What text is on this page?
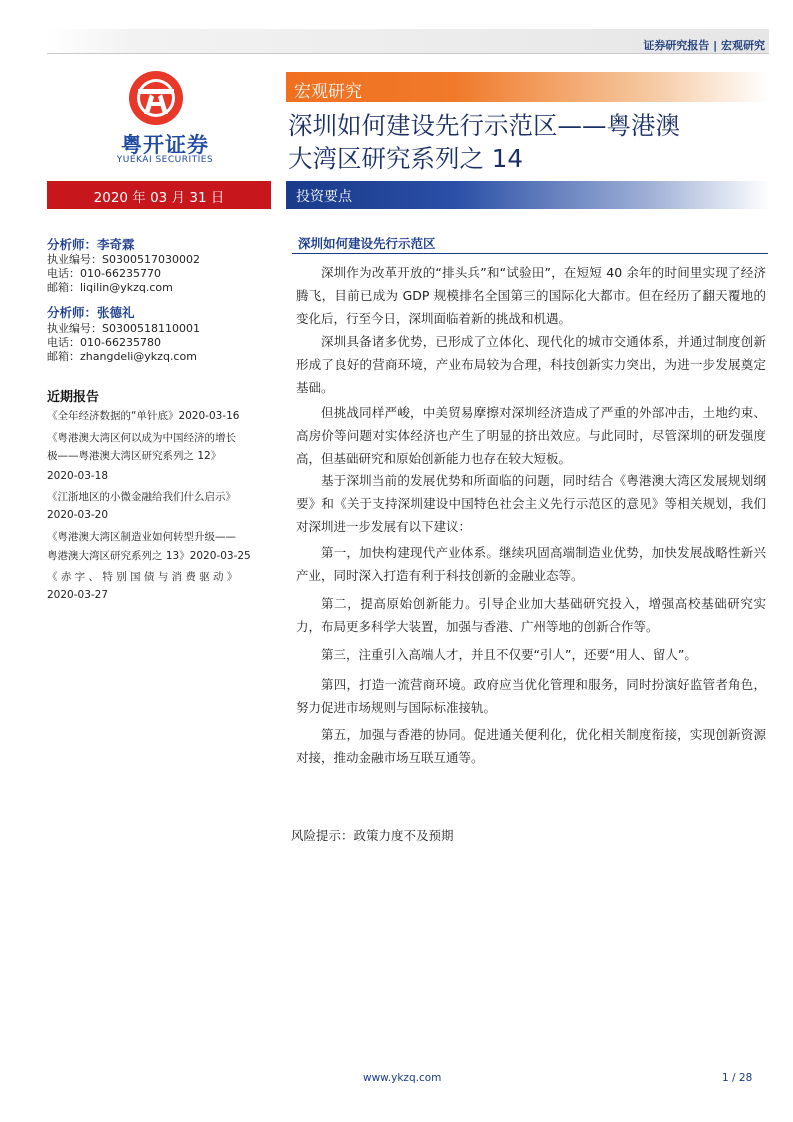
证券研究报告 | 宏观研究
粤开证券
YUEKAI SECURITIES
宏观研究
深圳如何建设先行示范区——粤港澳
大湾区研究系列之 14
2020 年 03 月 31 日	投资要点
分析师：李奇霖
执业编号：S0300517030002
电话：010-66235770
邮箱：liqilin@ykzq.com
分析师：张德礼
执业编号：S0300518110001
电话：010-66235780
邮箱：zhangdeli@ykzq.com
近期报告
《全年经济数据的“单针底》2020-03-16
《粤港澳大湾区何以成为中国经济的增长
极——粤港澳大湾区研究系列之 12》
2020-03-18
《江浙地区的小微金融给我们什么启示》
2020-03-20
《粤港澳大湾区制造业如何转型升级——
粤港澳大湾区研究系列之 13》2020-03-25
《 赤 字 、 特 别 国 债 与 消 费 驱 动 》
2020-03-27
深圳如何建设先行示范区
深圳作为改革开放的“排头兵”和“试验田”，在短短 40 余年的时间里实现了经济腾飞，目前已成为 GDP 规模排名全国第三的国际化大都市。但在经历了翻天覆地的变化后，行至今日，深圳面临着新的挑战和机遇。
深圳具备诸多优势，已形成了立体化、现代化的城市交通体系，并通过制度创新形成了良好的营商环境，产业布局较为合理，科技创新实力突出，为进一步发展奠定基础。
但挑战同样严峻，中美贸易摩擦对深圳经济造成了严重的外部冲击，土地约束、高房价等问题对实体经济也产生了明显的挤出效应。与此同时，尽管深圳的研发强度高，但基础研究和原始创新能力也存在较大短板。
基于深圳当前的发展优势和所面临的问题，同时结合《粤港澳大湾区发展规划纲要》和《关于支持深圳建设中国特色社会主义先行示范区的意见》等相关规划，我们对深圳进一步发展有以下建议：
第一，加快构建现代产业体系。继续巩固高端制造业优势，加快发展战略性新兴产业，同时深入打造有利于科技创新的金融业态等。
第二，提高原始创新能力。引导企业加大基础研究投入，增强高校基础研究实力，布局更多科学大装置，加强与香港、广州等地的创新合作等。
第三，注重引入高端人才，并且不仅要“引人”，还要“用人、留人”。
第四，打造一流营商环境。政府应当优化管理和服务，同时扮演好监管者角色，努力促进市场规则与国际标准接轨。
第五，加强与香港的协同。促进通关便利化，优化相关制度衔接，实现创新资源对接，推动金融市场互联互通等。
风险提示：政策力度不及预期
www.ykzq.com	1 / 28
